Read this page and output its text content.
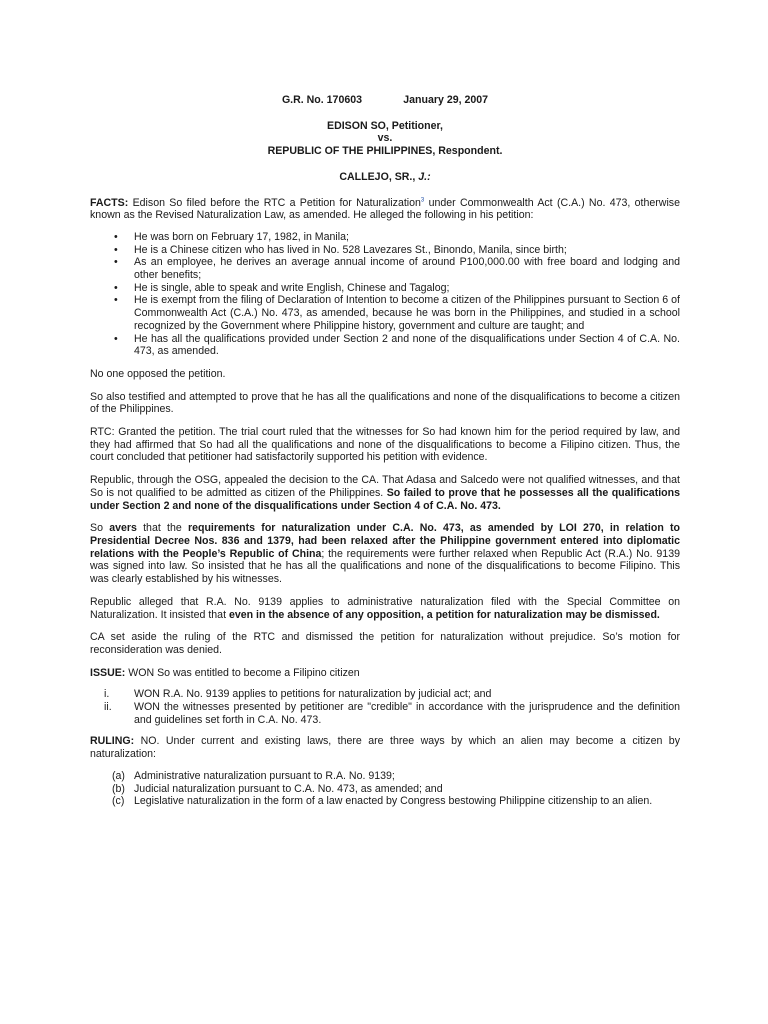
G.R. No. 170603	January 29, 2007
EDISON SO, Petitioner,
vs.
REPUBLIC OF THE PHILIPPINES, Respondent.
CALLEJO, SR., J.:

FACTS: Edison So filed before the RTC a Petition for Naturalization$^3$ under Commonwealth Act (C.A.) No. 473, otherwise known as the Revised Naturalization Law, as amended. He alleged the following in his petition:

• He was born on February 17, 1982, in Manila;
• He is a Chinese citizen who has lived in No. 528 Lavezares St., Binondo, Manila, since birth;
• As an employee, he derives an average annual income of around P100,000.00 with free board and lodging and other benefits;
• He is single, able to speak and write English, Chinese and Tagalog;
• He is exempt from the filing of Declaration of Intention to become a citizen of the Philippines pursuant to Section 6 of Commonwealth Act (C.A.) No. 473, as amended, because he was born in the Philippines, and studied in a school recognized by the Government where Philippine history, government and culture are taught; and
• He has all the qualifications provided under Section 2 and none of the disqualifications under Section 4 of C.A. No. 473, as amended.

No one opposed the petition.

So also testified and attempted to prove that he has all the qualifications and none of the disqualifications to become a citizen of the Philippines.

RTC: Granted the petition. The trial court ruled that the witnesses for So had known him for the period required by law, and they had affirmed that So had all the qualifications and none of the disqualifications to become a Filipino citizen. Thus, the court concluded that petitioner had satisfactorily supported his petition with evidence.

Republic, through the OSG, appealed the decision to the CA. That Adasa and Salcedo were not qualified witnesses, and that So is not qualified to be admitted as citizen of the Philippines. So failed to prove that he possesses all the qualifications under Section 2 and none of the disqualifications under Section 4 of C.A. No. 473.

So avers that the requirements for naturalization under C.A. No. 473, as amended by LOI 270, in relation to Presidential Decree Nos. 836 and 1379, had been relaxed after the Philippine government entered into diplomatic relations with the People’s Republic of China; the requirements were further relaxed when Republic Act (R.A.) No. 9139 was signed into law. So insisted that he has all the qualifications and none of the disqualifications to become Filipino. This was clearly established by his witnesses.

Republic alleged that R.A. No. 9139 applies to administrative naturalization filed with the Special Committee on Naturalization. It insisted that even in the absence of any opposition, a petition for naturalization may be dismissed.

CA set aside the ruling of the RTC and dismissed the petition for naturalization without prejudice. So’s motion for reconsideration was denied.

ISSUE: WON So was entitled to become a Filipino citizen

i. WON R.A. No. 9139 applies to petitions for naturalization by judicial act; and
ii. WON the witnesses presented by petitioner are "credible" in accordance with the jurisprudence and the definition and guidelines set forth in C.A. No. 473.

RULING: NO. Under current and existing laws, there are three ways by which an alien may become a citizen by naturalization:

(a) Administrative naturalization pursuant to R.A. No. 9139;
(b) Judicial naturalization pursuant to C.A. No. 473, as amended; and
(c) Legislative naturalization in the form of a law enacted by Congress bestowing Philippine citizenship to an alien.
